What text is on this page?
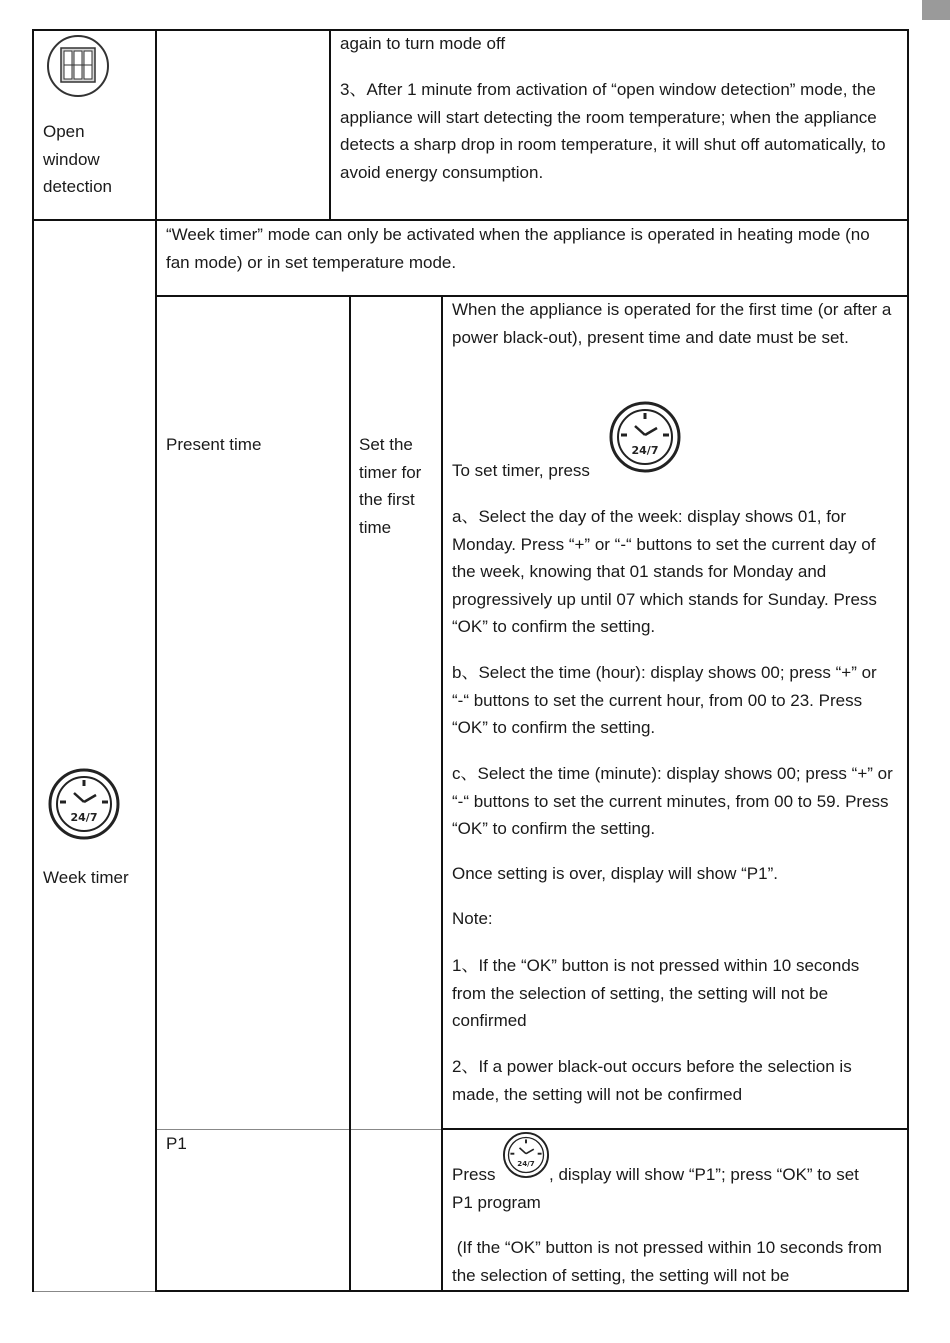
Open
window
detection
again to turn mode off
3、After 1 minute from activation of “open window detection” mode, the appliance will start detecting the room temperature; when the appliance detects a sharp drop in room temperature, it will shut off automatically, to avoid energy consumption.
24/7
Week timer
“Week timer” mode can only be activated when the appliance is operated in heating mode (no fan mode) or in set temperature mode.
Present time	Set the timer for the first time
When the appliance is operated for the first time (or after a power black-out), present time and date must be set.
24/7
To set timer, press
a、Select the day of the week: display shows 01, for Monday. Press “+” or “-“ buttons to set the current day of the week, knowing that 01 stands for Monday and progressively up until 07 which stands for Sunday. Press “OK” to confirm the setting.
b、Select the time (hour): display shows 00; press “+” or “-“ buttons to set the current hour, from 00 to 23. Press “OK” to confirm the setting.
c、Select the time (minute): display shows 00; press “+” or “-“ buttons to set the current minutes, from 00 to 59. Press “OK” to confirm the setting.
Once setting is over, display will show “P1”.
Note:
1、If the “OK” button is not pressed within 10 seconds from the selection of setting, the setting will not be confirmed
2、If a power black-out occurs before the selection is made, the setting will not be confirmed
P1
24/7
Press	, display will show “P1”; press “OK” to set
P1 program
(If the “OK” button is not pressed within 10 seconds from the selection of setting, the setting will not be
